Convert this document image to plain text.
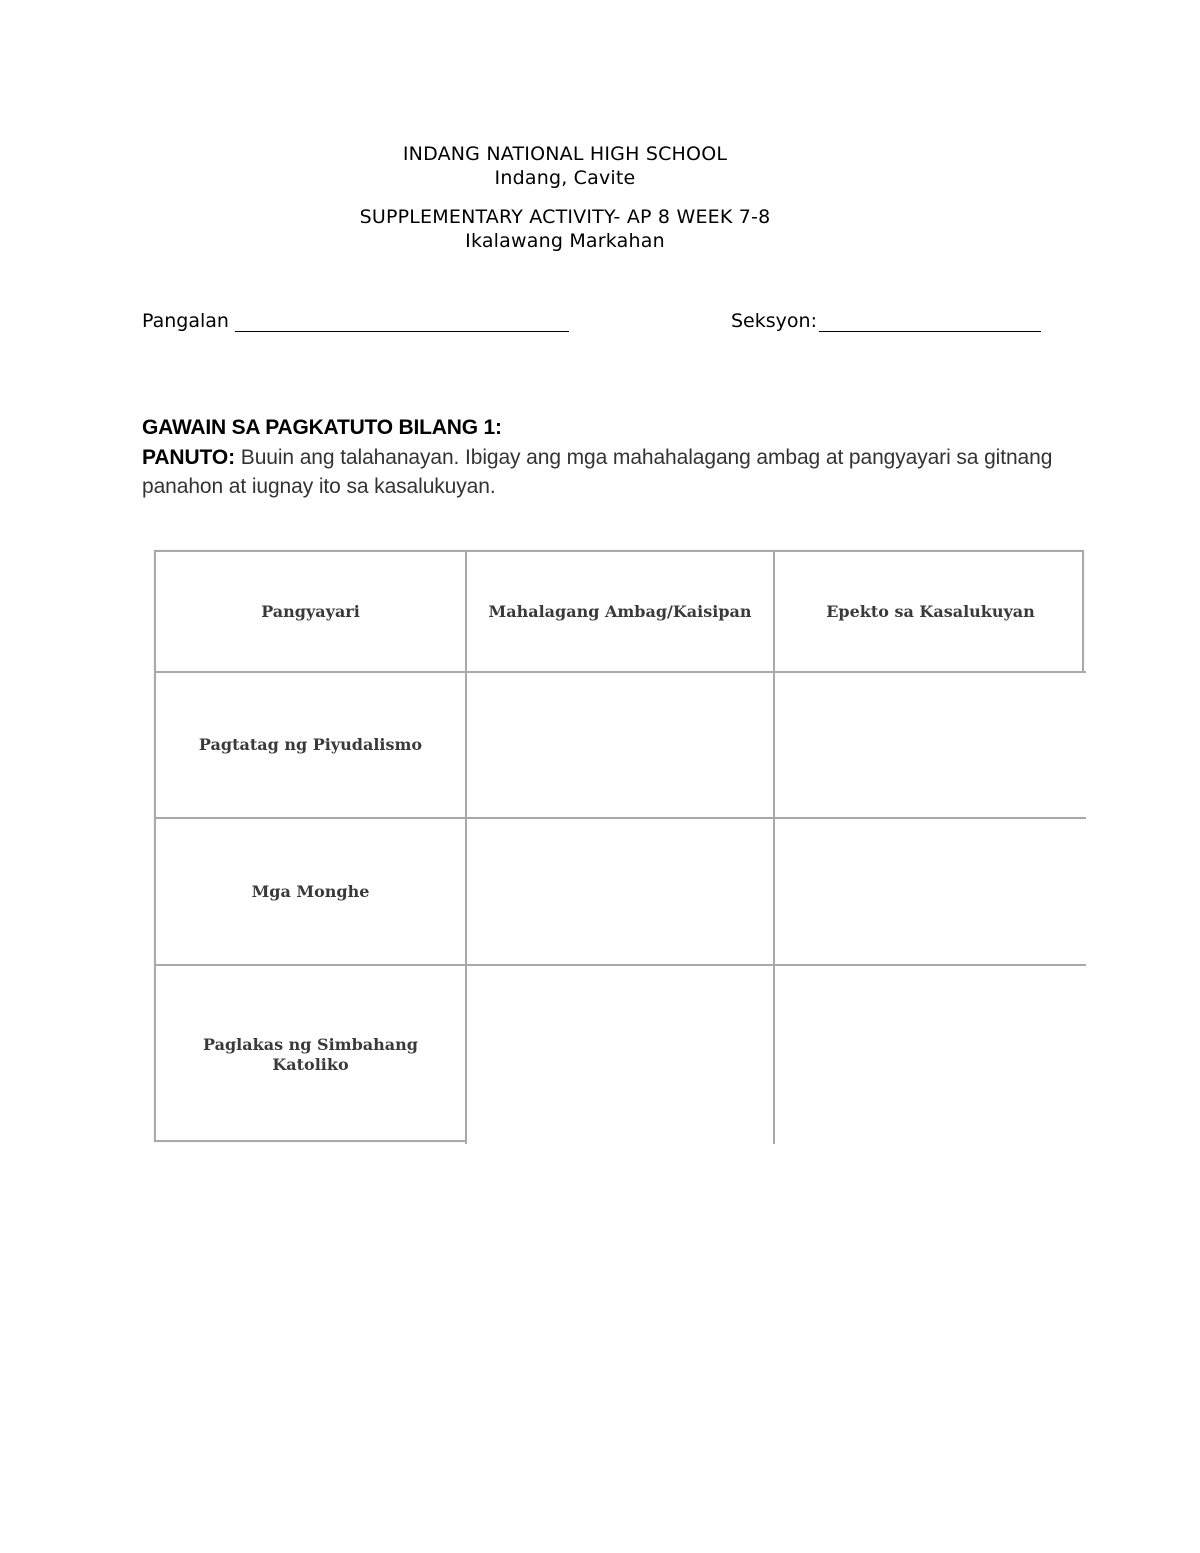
INDANG NATIONAL HIGH SCHOOL
Indang, Cavite
SUPPLEMENTARY ACTIVITY- AP 8 WEEK 7-8
Ikalawang Markahan
Pangalan	Seksyon:
GAWAIN SA PAGKATUTO BILANG 1:
PANUTO: Buuin ang talahanayan. Ibigay ang mga mahahalagang ambag at pangyayari sa gitnang panahon at iugnay ito sa kasalukuyan.
Pangyayari	Mahalagang Ambag/Kaisipan	Epekto sa Kasalukuyan
Pagtatag ng Piyudalismo		
Mga Monghe		
Paglakas ng Simbahang Katoliko		
